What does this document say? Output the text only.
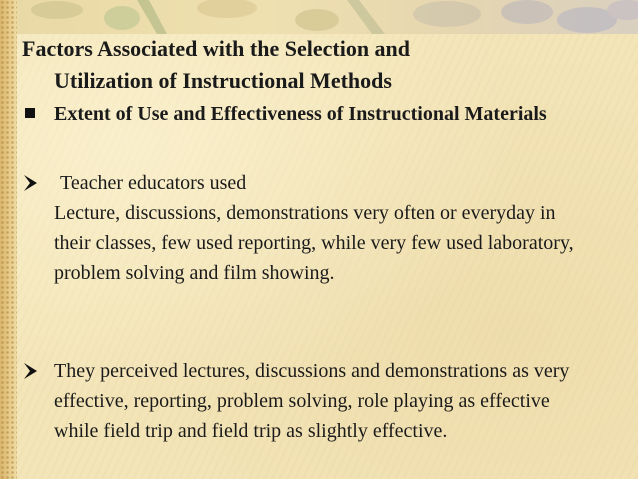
Factors Associated with the Selection and
Utilization of Instructional Methods
Extent of Use and Effectiveness of Instructional Materials
Teacher educators used
Lecture, discussions, demonstrations very often or everyday in their classes, few used reporting, while very few used laboratory, problem solving and film showing.
They perceived lectures, discussions and demonstrations as very effective, reporting, problem solving, role playing as effective while field trip and field trip as slightly effective.
